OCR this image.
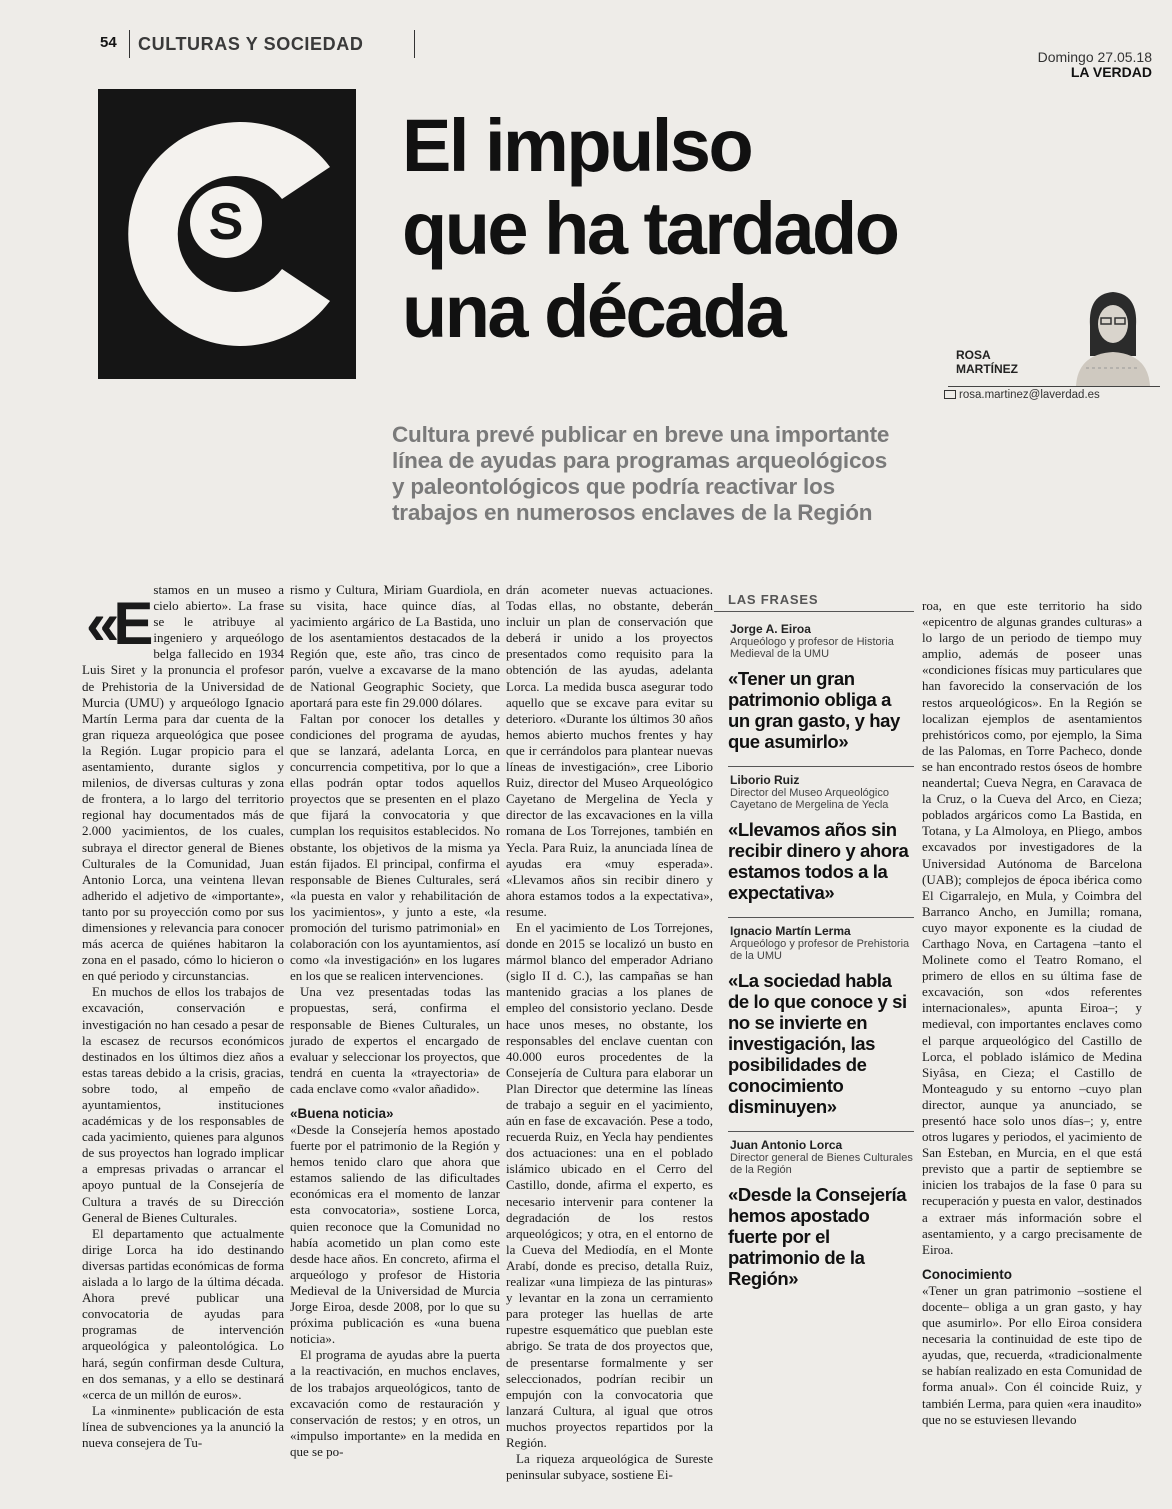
54 CULTURAS Y SOCIEDAD
Domingo 27.05.18
LA VERDAD
S
El impulso
que ha tardado
una década
ROSA
MARTÍNEZ
rosa.martinez@laverdad.es
Cultura prevé publicar en breve una importante
línea de ayudas para programas arqueológicos
y paleontológicos que podría reactivar los
trabajos en numerosos enclaves de la Región
«E

stamos en un museo a cielo abierto». La frase se le atribuye al ingeniero y arqueólogo belga fallecido en 1934 Luis Siret y la pronuncia el profesor de Prehistoria de la Universidad de Murcia (UMU) y arqueólogo Ignacio Martín Lerma para dar cuenta de la gran riqueza arqueológica que posee la Región. Lugar propicio para el asentamiento, durante siglos y milenios, de diversas culturas y zona de frontera, a lo largo del territorio regional hay documentados más de 2.000 yacimientos, de los cuales, subraya el director general de Bienes Culturales de la Comunidad, Juan Antonio Lorca, una veintena llevan adherido el adjetivo de «importante», tanto por su proyección como por sus dimensiones y relevancia para conocer más acerca de quiénes habitaron la zona en el pasado, cómo lo hicieron o en qué periodo y circunstancias.

En muchos de ellos los trabajos de excavación, conservación e investigación no han cesado a pesar de la escasez de recursos económicos destinados en los últimos diez años a estas tareas debido a la crisis, gracias, sobre todo, al empeño de ayuntamientos, instituciones académicas y de los responsables de cada yacimiento, quienes para algunos de sus proyectos han logrado implicar a empresas privadas o arrancar el apoyo puntual de la Consejería de Cultura a través de su Dirección General de Bienes Culturales.

El departamento que actualmente dirige Lorca ha ido destinando diversas partidas económicas de forma aislada a lo largo de la última década. Ahora prevé publicar una convocatoria de ayudas para programas de intervención arqueológica y paleontológica. Lo hará, según confirman desde Cultura, en dos semanas, y a ello se destinará «cerca de un millón de euros».

La «inminente» publicación de esta línea de subvenciones ya la anunció la nueva consejera de Tu-

rismo y Cultura, Miriam Guardiola, en su visita, hace quince días, al yacimiento argárico de La Bastida, uno de los asentamientos destacados de la Región que, este año, tras cinco de parón, vuelve a excavarse de la mano de National Geographic Society, que aportará para este fin 29.000 dólares.

Faltan por conocer los detalles y condiciones del programa de ayudas, que se lanzará, adelanta Lorca, en concurrencia competitiva, por lo que a ellas podrán optar todos aquellos proyectos que se presenten en el plazo que fijará la convocatoria y que cumplan los requisitos establecidos. No obstante, los objetivos de la misma ya están fijados. El principal, confirma el responsable de Bienes Culturales, será «la puesta en valor y rehabilitación de los yacimientos», y junto a este, «la promoción del turismo patrimonial» en colaboración con los ayuntamientos, así como «la investigación» en los lugares en los que se realicen intervenciones.

Una vez presentadas todas las propuestas, será, confirma el responsable de Bienes Culturales, un jurado de expertos el encargado de evaluar y seleccionar los proyectos, que tendrá en cuenta la «trayectoria» de cada enclave como «valor añadido».

«Buena noticia»

«Desde la Consejería hemos apostado fuerte por el patrimonio de la Región y hemos tenido claro que ahora que estamos saliendo de las dificultades económicas era el momento de lanzar esta convocatoria», sostiene Lorca, quien reconoce que la Comunidad no había acometido un plan como este desde hace años. En concreto, afirma el arqueólogo y profesor de Historia Medieval de la Universidad de Murcia Jorge Eiroa, desde 2008, por lo que su próxima publicación es «una buena noticia».

El programa de ayudas abre la puerta a la reactivación, en muchos enclaves, de los trabajos arqueológicos, tanto de excavación como de restauración y conservación de restos; y en otros, un «impulso importante» en la medida en que se po-

drán acometer nuevas actuaciones. Todas ellas, no obstante, deberán incluir un plan de conservación que deberá ir unido a los proyectos presentados como requisito para la obtención de las ayudas, adelanta Lorca. La medida busca asegurar todo aquello que se excave para evitar su deterioro. «Durante los últimos 30 años hemos abierto muchos frentes y hay que ir cerrándolos para plantear nuevas líneas de investigación», cree Liborio Ruiz, director del Museo Arqueológico Cayetano de Mergelina de Yecla y director de las excavaciones en la villa romana de Los Torrejones, también en Yecla. Para Ruiz, la anunciada línea de ayudas era «muy esperada». «Llevamos años sin recibir dinero y ahora estamos todos a la expectativa», resume.

En el yacimiento de Los Torrejones, donde en 2015 se localizó un busto en mármol blanco del emperador Adriano (siglo II d. C.), las campañas se han mantenido gracias a los planes de empleo del consistorio yeclano. Desde hace unos meses, no obstante, los responsables del enclave cuentan con 40.000 euros procedentes de la Consejería de Cultura para elaborar un Plan Director que determine las líneas de trabajo a seguir en el yacimiento, aún en fase de excavación. Pese a todo, recuerda Ruiz, en Yecla hay pendientes dos actuaciones: una en el poblado islámico ubicado en el Cerro del Castillo, donde, afirma el experto, es necesario intervenir para contener la degradación de los restos arqueológicos; y otra, en el entorno de la Cueva del Mediodía, en el Monte Arabí, donde es preciso, detalla Ruiz, realizar «una limpieza de las pinturas» y levantar en la zona un cerramiento para proteger las huellas de arte rupestre esquemático que pueblan este abrigo. Se trata de dos proyectos que, de presentarse formalmente y ser seleccionados, podrían recibir un empujón con la convocatoria que lanzará Cultura, al igual que otros muchos proyectos repartidos por la Región.

La riqueza arqueológica de Sureste peninsular subyace, sostiene Ei-

LAS FRASES
Jorge A. Eiroa
Arqueólogo y profesor de Historia Medieval de la UMU
«Tener un gran patrimonio obliga a un gran gasto, y hay que asumirlo»
Liborio Ruiz
Director del Museo Arqueológico Cayetano de Mergelina de Yecla
«Llevamos años sin recibir dinero y ahora estamos todos a la expectativa»
Ignacio Martín Lerma
Arqueólogo y profesor de Prehistoria de la UMU
«La sociedad habla de lo que conoce y si no se invierte en investigación, las posibilidades de conocimiento disminuyen»
Juan Antonio Lorca
Director general de Bienes Culturales de la Región
«Desde la Consejería hemos apostado fuerte por el patrimonio de la Región»

roa, en que este territorio ha sido «epicentro de algunas grandes culturas» a lo largo de un periodo de tiempo muy amplio, además de poseer unas «condiciones físicas muy particulares que han favorecido la conservación de los restos arqueológicos». En la Región se localizan ejemplos de asentamientos prehistóricos como, por ejemplo, la Sima de las Palomas, en Torre Pacheco, donde se han encontrado restos óseos de hombre neandertal; Cueva Negra, en Caravaca de la Cruz, o la Cueva del Arco, en Cieza; poblados argáricos como La Bastida, en Totana, y La Almoloya, en Pliego, ambos excavados por investigadores de la Universidad Autónoma de Barcelona (UAB); complejos de época ibérica como El Cigarralejo, en Mula, y Coimbra del Barranco Ancho, en Jumilla; romana, cuyo mayor exponente es la ciudad de Carthago Nova, en Cartagena –tanto el Molinete como el Teatro Romano, el primero de ellos en su última fase de excavación, son «dos referentes internacionales», apunta Eiroa–; y medieval, con importantes enclaves como el parque arqueológico del Castillo de Lorca, el poblado islámico de Medina Siyâsa, en Cieza; el Castillo de Monteagudo y su entorno –cuyo plan director, aunque ya anunciado, se presentó hace solo unos días–; y, entre otros lugares y periodos, el yacimiento de San Esteban, en Murcia, en el que está previsto que a partir de septiembre se inicien los trabajos de la fase 0 para su recuperación y puesta en valor, destinados a extraer más información sobre el asentamiento, y a cargo precisamente de Eiroa.

Conocimiento

«Tener un gran patrimonio –sostiene el docente– obliga a un gran gasto, y hay que asumirlo». Por ello Eiroa considera necesaria la continuidad de este tipo de ayudas, que, recuerda, «tradicionalmente se habían realizado en esta Comunidad de forma anual». Con él coincide Ruiz, y también Lerma, para quien «era inaudito» que no se estuviesen llevando
